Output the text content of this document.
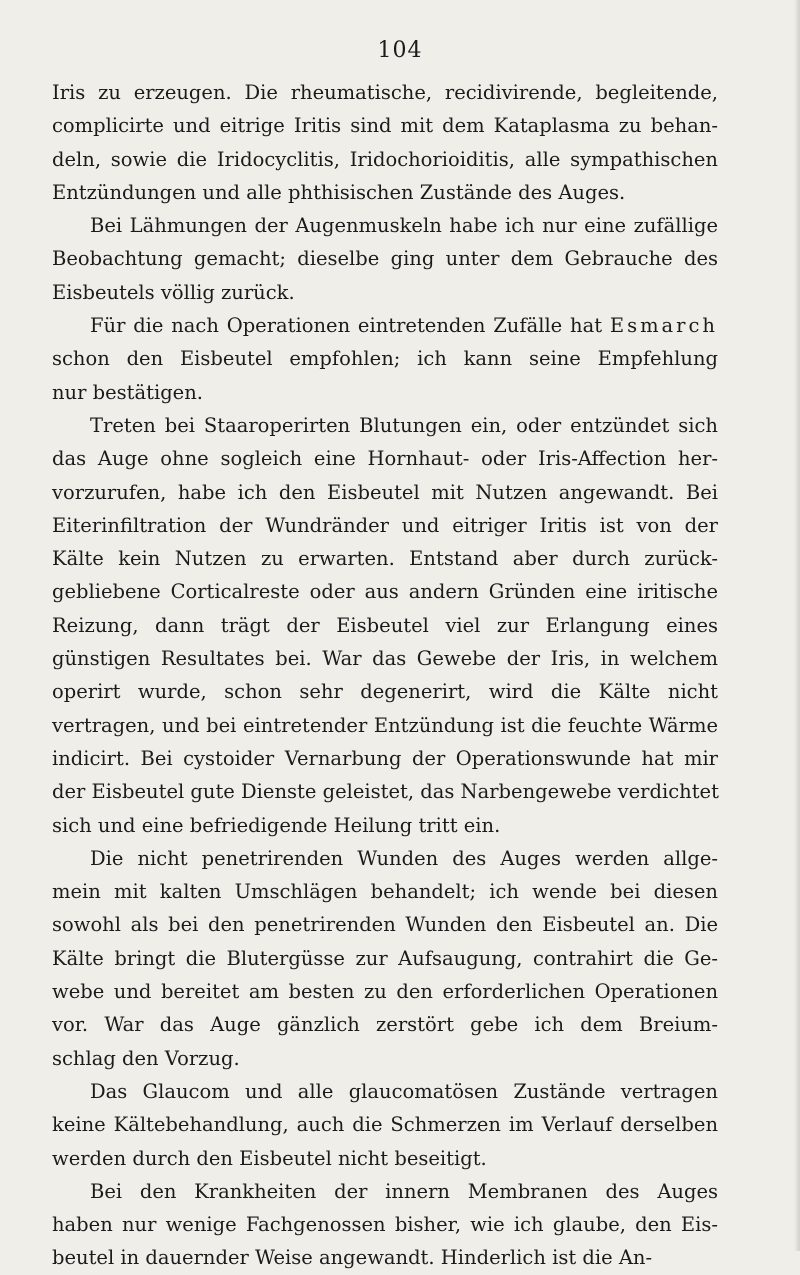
104
Iris zu erzeugen. Die rheumatische, recidivirende, begleitende,
complicirte und eitrige Iritis sind mit dem Kataplasma zu behan-
deln, sowie die Iridocyclitis, Iridochorioiditis, alle sympathischen
Entzündungen und alle phthisischen Zustände des Auges.
Bei Lähmungen der Augenmuskeln habe ich nur eine zufällige
Beobachtung gemacht; dieselbe ging unter dem Gebrauche des
Eisbeutels völlig zurück.
Für die nach Operationen eintretenden Zufälle hat Esmarch
schon den Eisbeutel empfohlen; ich kann seine Empfehlung
nur bestätigen.
Treten bei Staaroperirten Blutungen ein, oder entzündet sich
das Auge ohne sogleich eine Hornhaut- oder Iris-Affection her-
vorzurufen, habe ich den Eisbeutel mit Nutzen angewandt. Bei
Eiterinfiltration der Wundränder und eitriger Iritis ist von der
Kälte kein Nutzen zu erwarten. Entstand aber durch zurück-
gebliebene Corticalreste oder aus andern Gründen eine iritische
Reizung, dann trägt der Eisbeutel viel zur Erlangung eines
günstigen Resultates bei. War das Gewebe der Iris, in welchem
operirt wurde, schon sehr degenerirt, wird die Kälte nicht
vertragen, und bei eintretender Entzündung ist die feuchte Wärme
indicirt. Bei cystoider Vernarbung der Operationswunde hat mir
der Eisbeutel gute Dienste geleistet, das Narbengewebe verdichtet
sich und eine befriedigende Heilung tritt ein.
Die nicht penetrirenden Wunden des Auges werden allge-
mein mit kalten Umschlägen behandelt; ich wende bei diesen
sowohl als bei den penetrirenden Wunden den Eisbeutel an. Die
Kälte bringt die Blutergüsse zur Aufsaugung, contrahirt die Ge-
webe und bereitet am besten zu den erforderlichen Operationen
vor. War das Auge gänzlich zerstört gebe ich dem Breium-
schlag den Vorzug.
Das Glaucom und alle glaucomatösen Zustände vertragen
keine Kältebehandlung, auch die Schmerzen im Verlauf derselben
werden durch den Eisbeutel nicht beseitigt.
Bei den Krankheiten der innern Membranen des Auges
haben nur wenige Fachgenossen bisher, wie ich glaube, den Eis-
beutel in dauernder Weise angewandt. Hinderlich ist die An-
